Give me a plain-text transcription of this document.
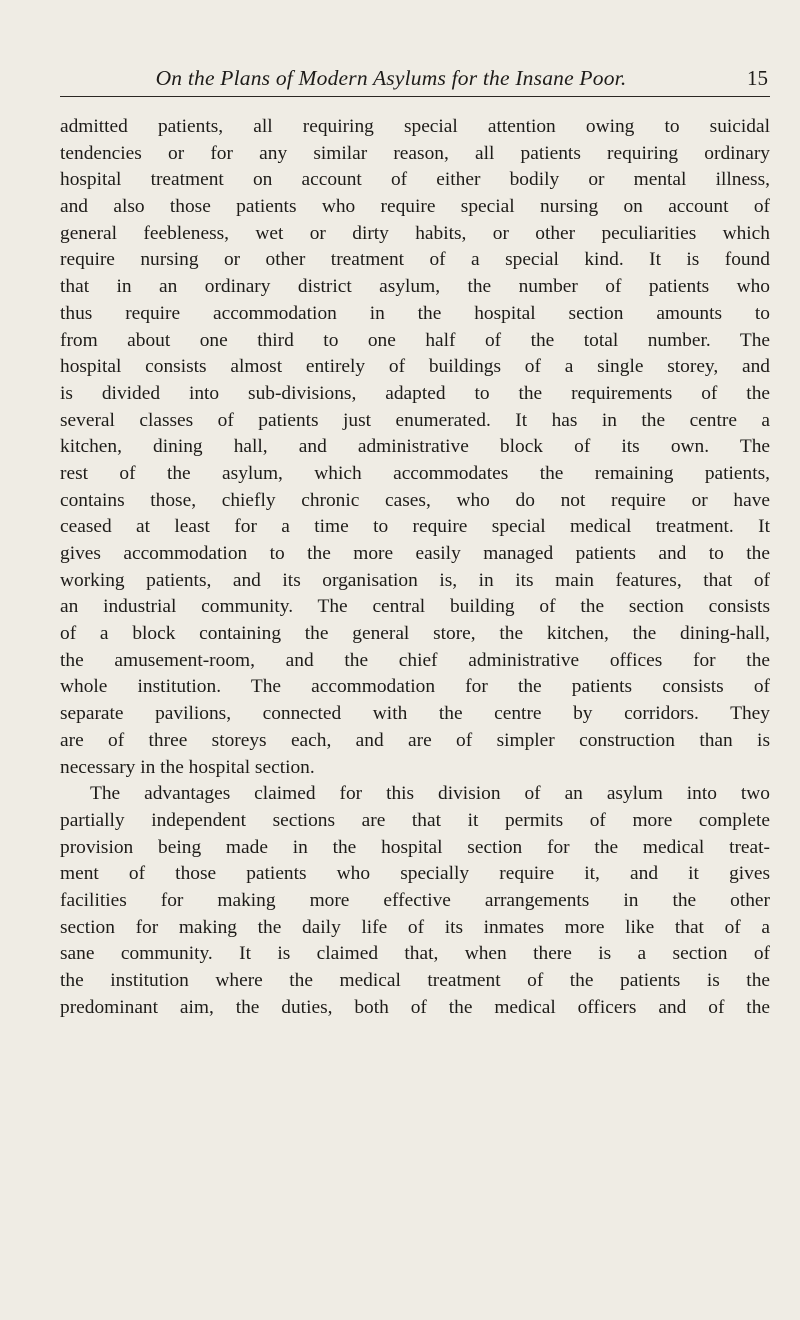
On the Plans of Modern Asylums for the Insane Poor.	15
admitted patients, all requiring special attention owing to suicidal
tendencies or for any similar reason, all patients requiring ordinary
hospital treatment on account of either bodily or mental illness,
and also those patients who require special nursing on account of
general feebleness, wet or dirty habits, or other peculiarities which
require nursing or other treatment of a special kind. It is found
that in an ordinary district asylum, the number of patients who
thus require accommodation in the hospital section amounts to
from about one third to one half of the total number. The
hospital consists almost entirely of buildings of a single storey, and
is divided into sub-divisions, adapted to the requirements of the
several classes of patients just enumerated. It has in the centre a
kitchen, dining hall, and administrative block of its own. The
rest of the asylum, which accommodates the remaining patients,
contains those, chiefly chronic cases, who do not require or have
ceased at least for a time to require special medical treatment. It
gives accommodation to the more easily managed patients and to the
working patients, and its organisation is, in its main features, that of
an industrial community. The central building of the section consists
of a block containing the general store, the kitchen, the dining-hall,
the amusement-room, and the chief administrative offices for the
whole institution. The accommodation for the patients consists of
separate pavilions, connected with the centre by corridors. They
are of three storeys each, and are of simpler construction than is
necessary in the hospital section.
The advantages claimed for this division of an asylum into two
partially independent sections are that it permits of more complete
provision being made in the hospital section for the medical treat-
ment of those patients who specially require it, and it gives
facilities for making more effective arrangements in the other
section for making the daily life of its inmates more like that of a
sane community. It is claimed that, when there is a section of
the institution where the medical treatment of the patients is the
predominant aim, the duties, both of the medical officers and of the
